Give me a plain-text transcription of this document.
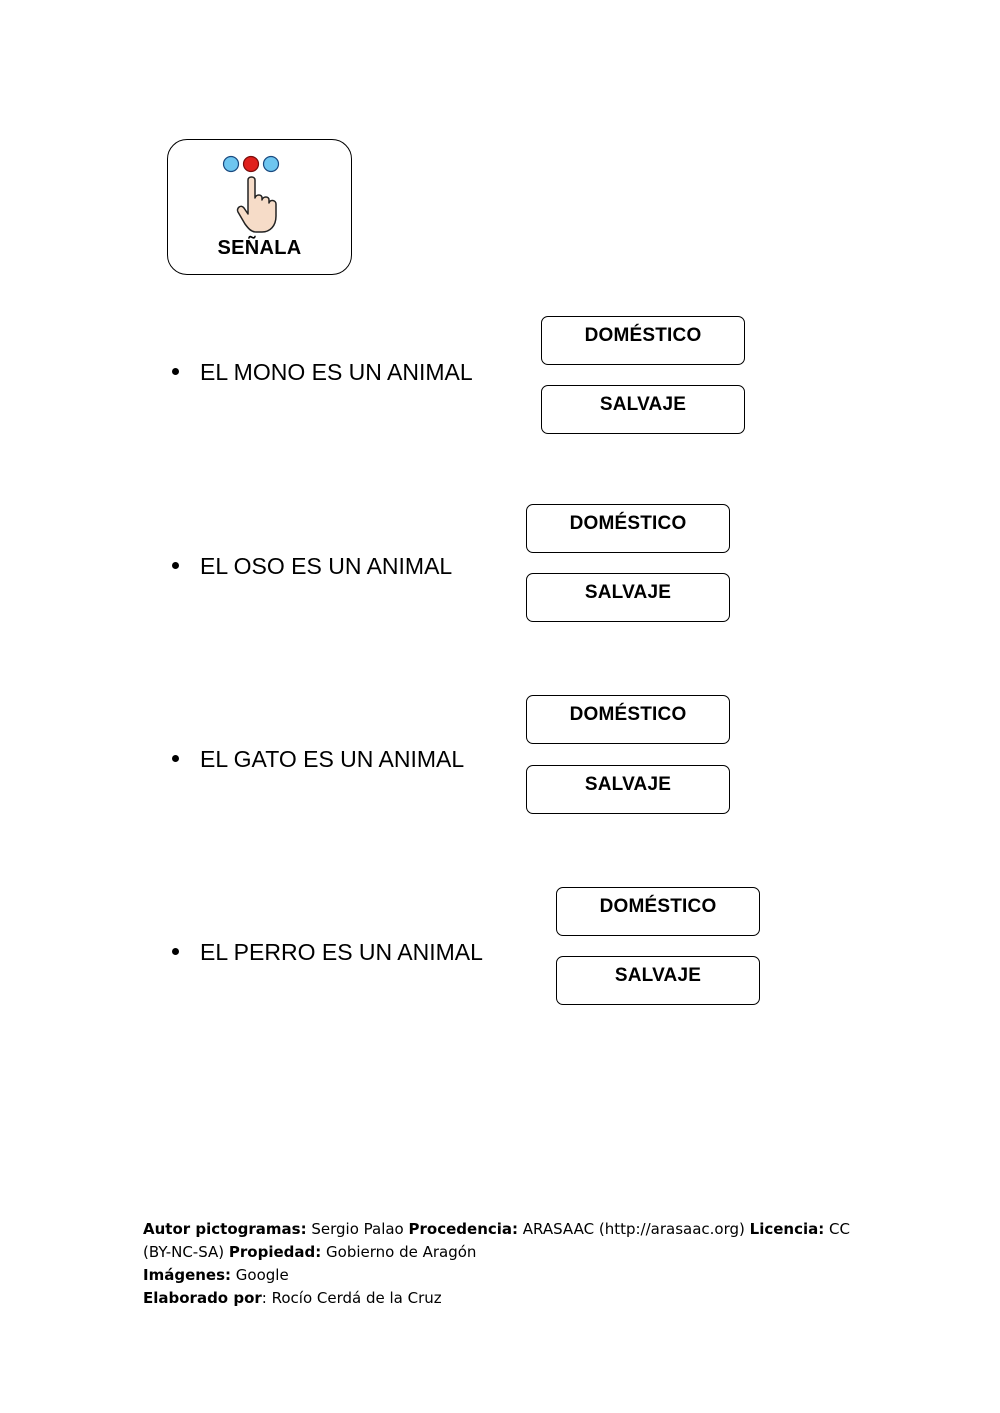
SEÑALA
EL MONO ES UN ANIMAL
DOMÉSTICO
SALVAJE
EL OSO ES UN ANIMAL
DOMÉSTICO
SALVAJE
EL GATO ES UN ANIMAL
DOMÉSTICO
SALVAJE
EL PERRO ES UN ANIMAL
DOMÉSTICO
SALVAJE
Autor pictogramas: Sergio Palao Procedencia: ARASAAC (http://arasaac.org) Licencia: CC (BY-NC-SA) Propiedad: Gobierno de Aragón
Imágenes: Google
Elaborado por: Rocío Cerdá de la Cruz
